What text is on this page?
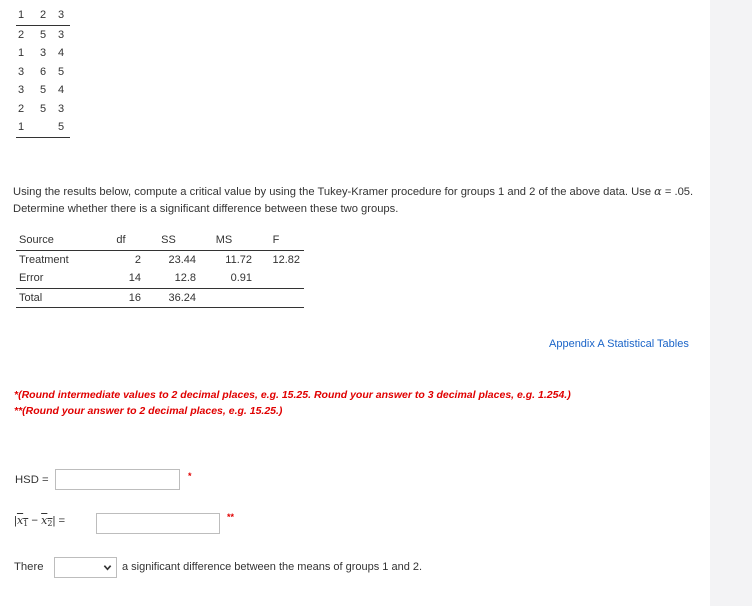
1	2	3
2	5	3
1	3	4
3	6	5
3	5	4
2	5	3
1		5
Using the results below, compute a critical value by using the Tukey-Kramer procedure for groups 1 and 2 of the above data. Use α = .05. Determine whether there is a significant difference between these two groups.
Source	df	SS	MS	F
Treatment	2	23.44	11.72	12.82
Error	14	12.8	0.91	
Total	16	36.24		
Appendix A Statistical Tables
*(Round intermediate values to 2 decimal places, e.g. 15.25. Round your answer to 3 decimal places, e.g. 1.254.)
**(Round your answer to 2 decimal places, e.g. 15.25.)
HSD =	*
$|x_1 - x_2|$ =	**
There	a significant difference between the means of groups 1 and 2.
